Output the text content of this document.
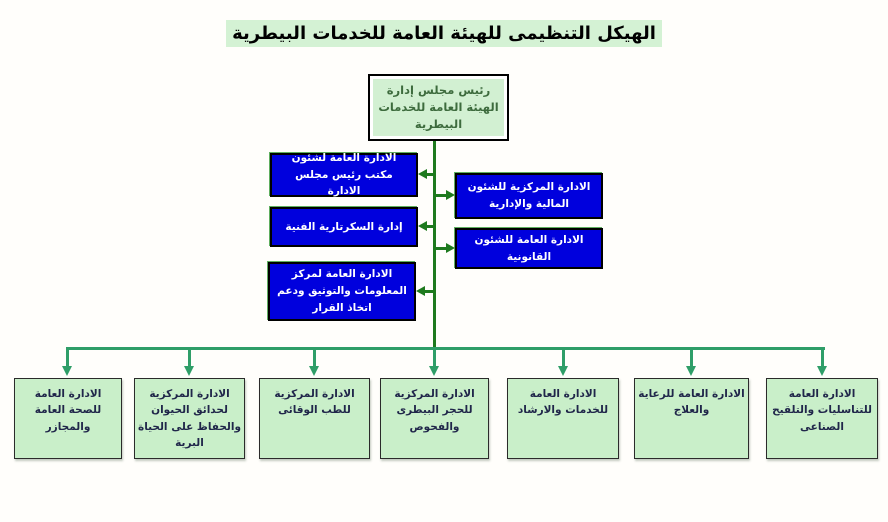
الهيكل التنظيمى للهيئة العامة للخدمات البيطرية
رئيس مجلس إدارة الهيئة العامة للخدمات البيطرية
الادارة العامة لشئون مكتب رئيس مجلس الادارة
إدارة السكرتارية الفنية
الادارة العامة لمركز المعلومات والتوثيق ودعم اتخاذ القرار
الادارة المركزية للشئون المالية والإدارية
الادارة العامة للشئون القانونية
الادارة العامة للصحة العامة والمجازر
الادارة المركزية لحدائق الحيوان والحفاظ على الحياة البرية
الادارة المركزية للطب الوقائى
الادارة المركزية للحجر البيطرى والفحوص
الادارة العامة للخدمات والارشاد
الادارة العامة للرعاية والعلاج
الادارة العامة للتناسليات والتلقيح الصناعى
